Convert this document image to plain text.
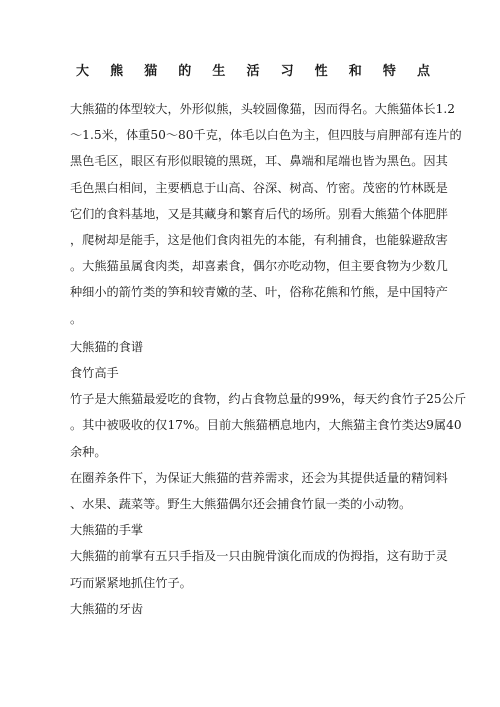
大 熊 猫 的 生 活 习 性 和 特 点
大熊猫的体型较大，外形似熊，头较圆像猫，因而得名。大熊猫体长1.2
～1.5米，体重50～80千克，体毛以白色为主，但四肢与肩胛部有连片的
黑色毛区，眼区有形似眼镜的黑斑，耳、鼻端和尾端也皆为黑色。因其
毛色黑白相间，主要栖息于山高、谷深、树高、竹密。茂密的竹林既是
它们的食料基地，又是其藏身和繁育后代的场所。别看大熊猫个体肥胖
，爬树却是能手，这是他们食肉祖先的本能，有利捕食，也能躲避敌害
。大熊猫虽属食肉类，却喜素食，偶尔亦吃动物，但主要食物为少数几
种细小的箭竹类的笋和较青嫩的茎、叶，俗称花熊和竹熊，是中国特产
。
大熊猫的食谱
食竹高手
竹子是大熊猫最爱吃的食物，约占食物总量的99%，每天约食竹子25公斤
。其中被吸收的仅17%。目前大熊猫栖息地内，大熊猫主食竹类达9属40
余种。
在圈养条件下，为保证大熊猫的营养需求，还会为其提供适量的精饲料
、水果、蔬菜等。野生大熊猫偶尔还会捕食竹鼠一类的小动物。
大熊猫的手掌
大熊猫的前掌有五只手指及一只由腕骨演化而成的伪拇指，这有助于灵
巧而紧紧地抓住竹子。
大熊猫的牙齿
